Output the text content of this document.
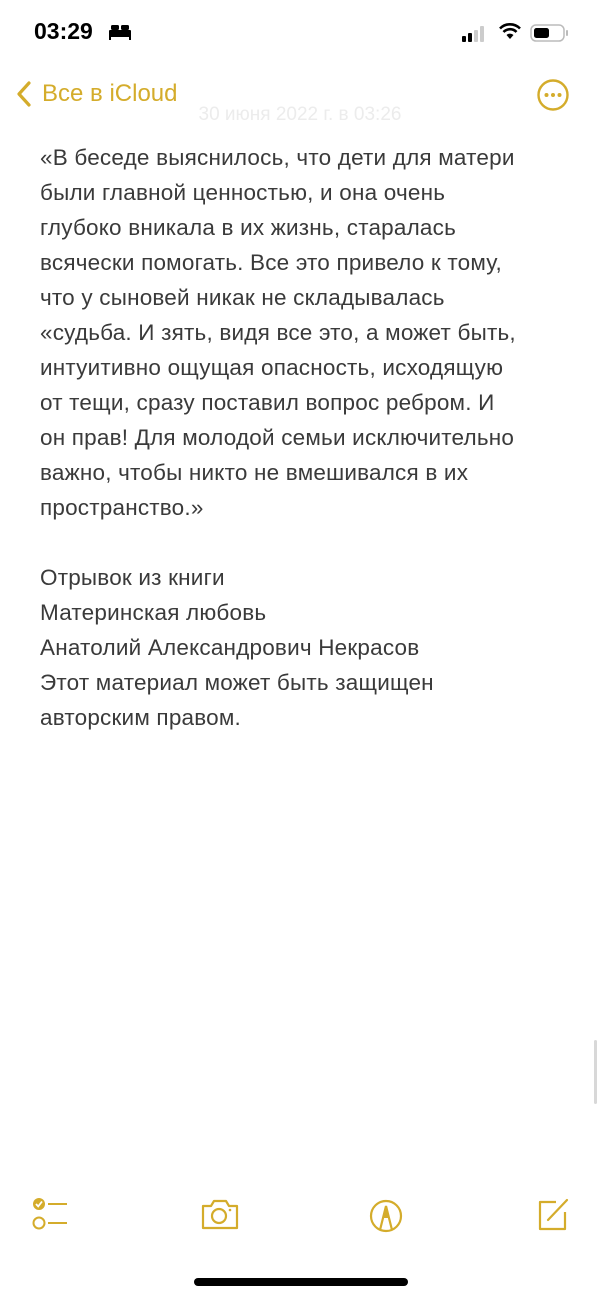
03:29
Все в iCloud
30 июня 2022 г. в 03:26
«В беседе выяснилось, что дети для матери
были главной ценностью, и она очень
глубоко вникала в их жизнь, старалась
всячески помогать. Все это привело к тому,
что у сыновей никак не складывалась
«судьба. И зять, видя все это, а может быть,
интуитивно ощущая опасность, исходящую
от тещи, сразу поставил вопрос ребром. И
он прав! Для молодой семьи исключительно
важно, чтобы никто не вмешивался в их
пространство.»
Отрывок из книги
Материнская любовь
Анатолий Александрович Некрасов
Этот материал может быть защищен
авторским правом.
